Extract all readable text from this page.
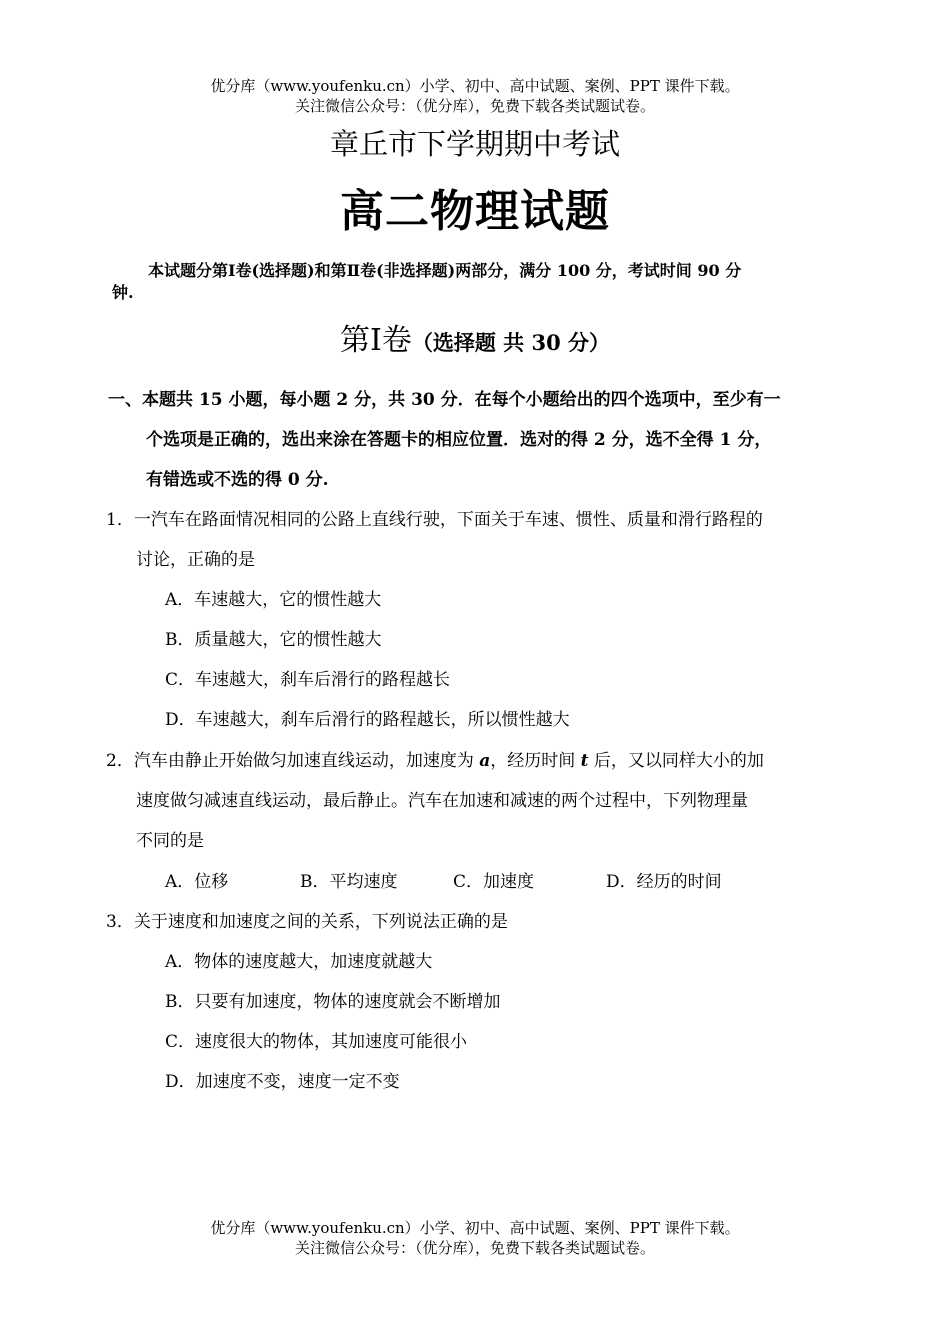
优分库（www.youfenku.cn）小学、初中、高中试题、案例、PPT 课件下载。
关注微信公众号：（优分库），免费下载各类试题试卷。
章丘市下学期期中考试
高二物理试题
本试题分第Ⅰ卷(选择题)和第Ⅱ卷(非选择题)两部分，满分 100 分，考试时间 90 分
钟.
第Ⅰ卷（选择题 共 30 分）
一、本题共 15 小题，每小题 2 分，共 30 分．在每个小题给出的四个选项中，至少有一
个选项是正确的，选出来涂在答题卡的相应位置．选对的得 2 分，选不全得 1 分，
有错选或不选的得 0 分.
1．一汽车在路面情况相同的公路上直线行驶，下面关于车速、惯性、质量和滑行路程的
讨论，正确的是
A．车速越大，它的惯性越大
B．质量越大，它的惯性越大
C．车速越大，刹车后滑行的路程越长
D．车速越大，刹车后滑行的路程越长，所以惯性越大
2．汽车由静止开始做匀加速直线运动，加速度为 a，经历时间 t 后，又以同样大小的加
速度做匀减速直线运动，最后静止。汽车在加速和减速的两个过程中，下列物理量
不同的是
A．位移	B．平均速度	C．加速度	D．经历的时间
3．关于速度和加速度之间的关系，下列说法正确的是
A．物体的速度越大，加速度就越大
B．只要有加速度，物体的速度就会不断增加
C．速度很大的物体，其加速度可能很小
D．加速度不变，速度一定不变
优分库（www.youfenku.cn）小学、初中、高中试题、案例、PPT 课件下载。
关注微信公众号：（优分库），免费下载各类试题试卷。
